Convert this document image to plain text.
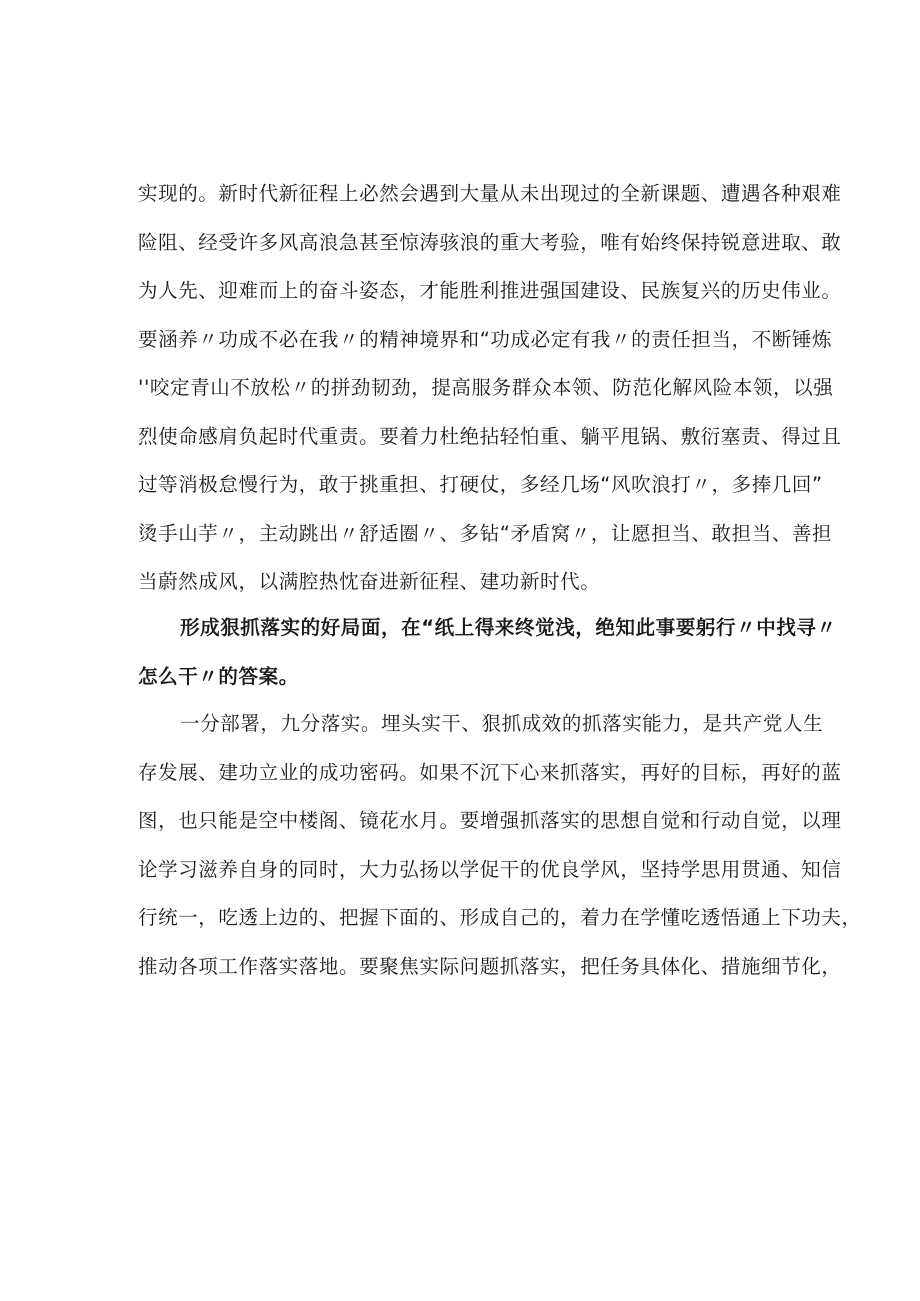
实现的。新时代新征程上必然会遇到大量从未出现过的全新课题、遭遇各种艰难
险阻、经受许多风高浪急甚至惊涛骇浪的重大考验，唯有始终保持锐意进取、敢
为人先、迎难而上的奋斗姿态，才能胜利推进强国建设、民族复兴的历史伟业。
要涵养〃功成不必在我〃的精神境界和“功成必定有我〃的责任担当，不断锤炼
''咬定青山不放松〃的拼劲韧劲，提高服务群众本领、防范化解风险本领，以强
烈使命感肩负起时代重责。要着力杜绝拈轻怕重、躺平甩锅、敷衍塞责、得过且
过等消极怠慢行为，敢于挑重担、打硬仗，多经几场“风吹浪打〃，多捧几回”
烫手山芋〃，主动跳出〃舒适圈〃、多钻“矛盾窝〃，让愿担当、敢担当、善担
当蔚然成风，以满腔热忱奋进新征程、建功新时代。
形成狠抓落实的好局面，在“纸上得来终觉浅，绝知此事要躬行〃中找寻〃
怎么干〃的答案。
一分部署，九分落实。埋头实干、狠抓成效的抓落实能力，是共产党人生
存发展、建功立业的成功密码。如果不沉下心来抓落实，再好的目标，再好的蓝
图，也只能是空中楼阁、镜花水月。要增强抓落实的思想自觉和行动自觉，以理
论学习滋养自身的同时，大力弘扬以学促干的优良学风，坚持学思用贯通、知信
行统一，吃透上边的、把握下面的、形成自己的，着力在学懂吃透悟通上下功夫，
推动各项工作落实落地。要聚焦实际问题抓落实，把任务具体化、措施细节化，
